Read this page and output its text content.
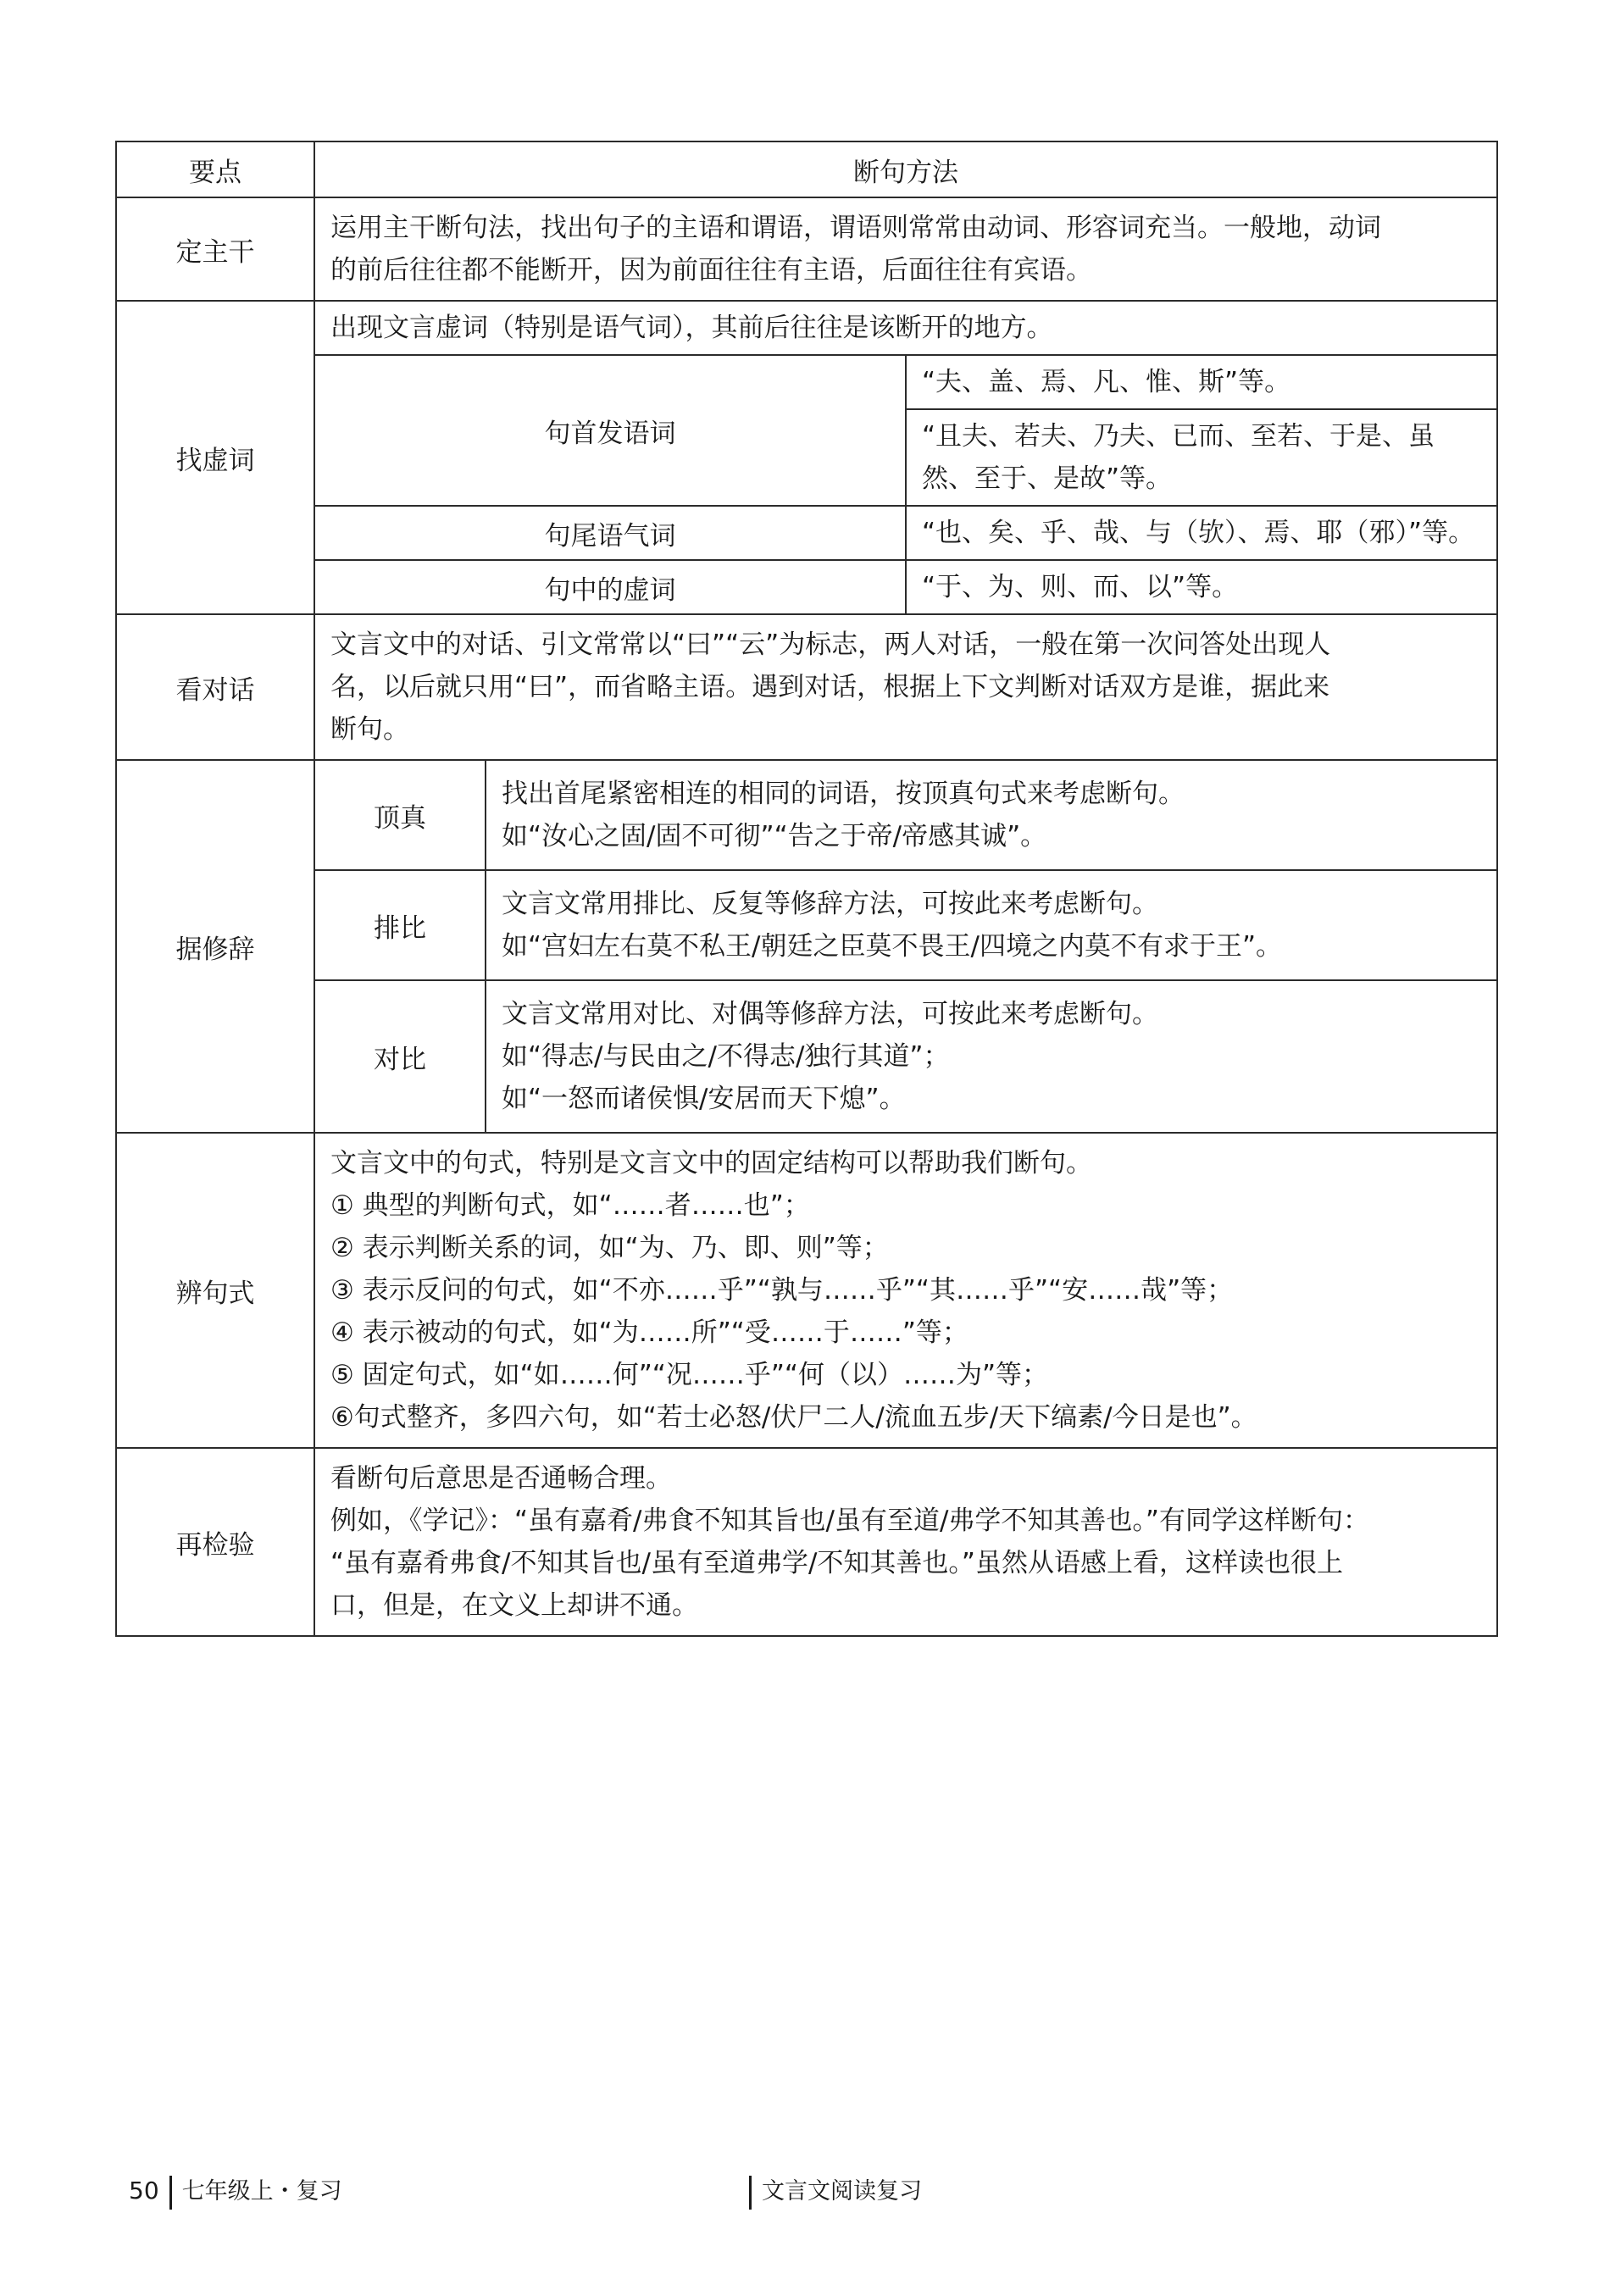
要点	断句方法
定主干	
运用主干断句法，找出句子的主语和谓语，谓语则常常由动词、形容词充当。一般地，动词
的前后往往都不能断开，因为前面往往有主语，后面往往有宾语。

找虚词	
出现文言虚词（特别是语气词），其前后往往是该断开的地方。
句首发语词	“夫、盖、焉、凡、惟、斯”等。
“且夫、若夫、乃夫、已而、至若、于是、虽然、至于、是故”等。
句尾语气词	“也、矣、乎、哉、与（欤）、焉、耶（邪）”等。
句中的虚词	“于、为、则、而、以”等。

看对话	
文言文中的对话、引文常常以“曰”“云”为标志，两人对话，一般在第一次问答处出现人
名，以后就只用“曰”，而省略主语。遇到对话，根据上下文判断对话双方是谁，据此来
断句。

据修辞	
顶真	
找出首尾紧密相连的相同的词语，按顶真句式来考虑断句。
如“汝心之固/固不可彻”“告之于帝/帝感其诚”。

排比	
文言文常用排比、反复等修辞方法，可按此来考虑断句。
如“宫妇左右莫不私王/朝廷之臣莫不畏王/四境之内莫不有求于王”。

对比	
文言文常用对比、对偶等修辞方法，可按此来考虑断句。
如“得志/与民由之/不得志/独行其道”；
如“一怒而诸侯惧/安居而天下熄”。

辨句式	
文言文中的句式，特别是文言文中的固定结构可以帮助我们断句。
① 典型的判断句式，如“……者……也”；
② 表示判断关系的词，如“为、乃、即、则”等；
③ 表示反问的句式，如“不亦……乎”“孰与……乎”“其……乎”“安……哉”等；
④ 表示被动的句式，如“为……所”“受……于……”等；
⑤ 固定句式，如“如……何”“况……乎”“何（以）……为”等；
⑥句式整齐，多四六句，如“若士必怒/伏尸二人/流血五步/天下缟素/今日是也”。

再检验	
看断句后意思是否通畅合理。
例如，《学记》：“虽有嘉肴/弗食不知其旨也/虽有至道/弗学不知其善也。”有同学这样断句：
“虽有嘉肴弗食/不知其旨也/虽有至道弗学/不知其善也。”虽然从语感上看，这样读也很上
口，但是，在文义上却讲不通。
50 七年级上・复习	文言文阅读复习
